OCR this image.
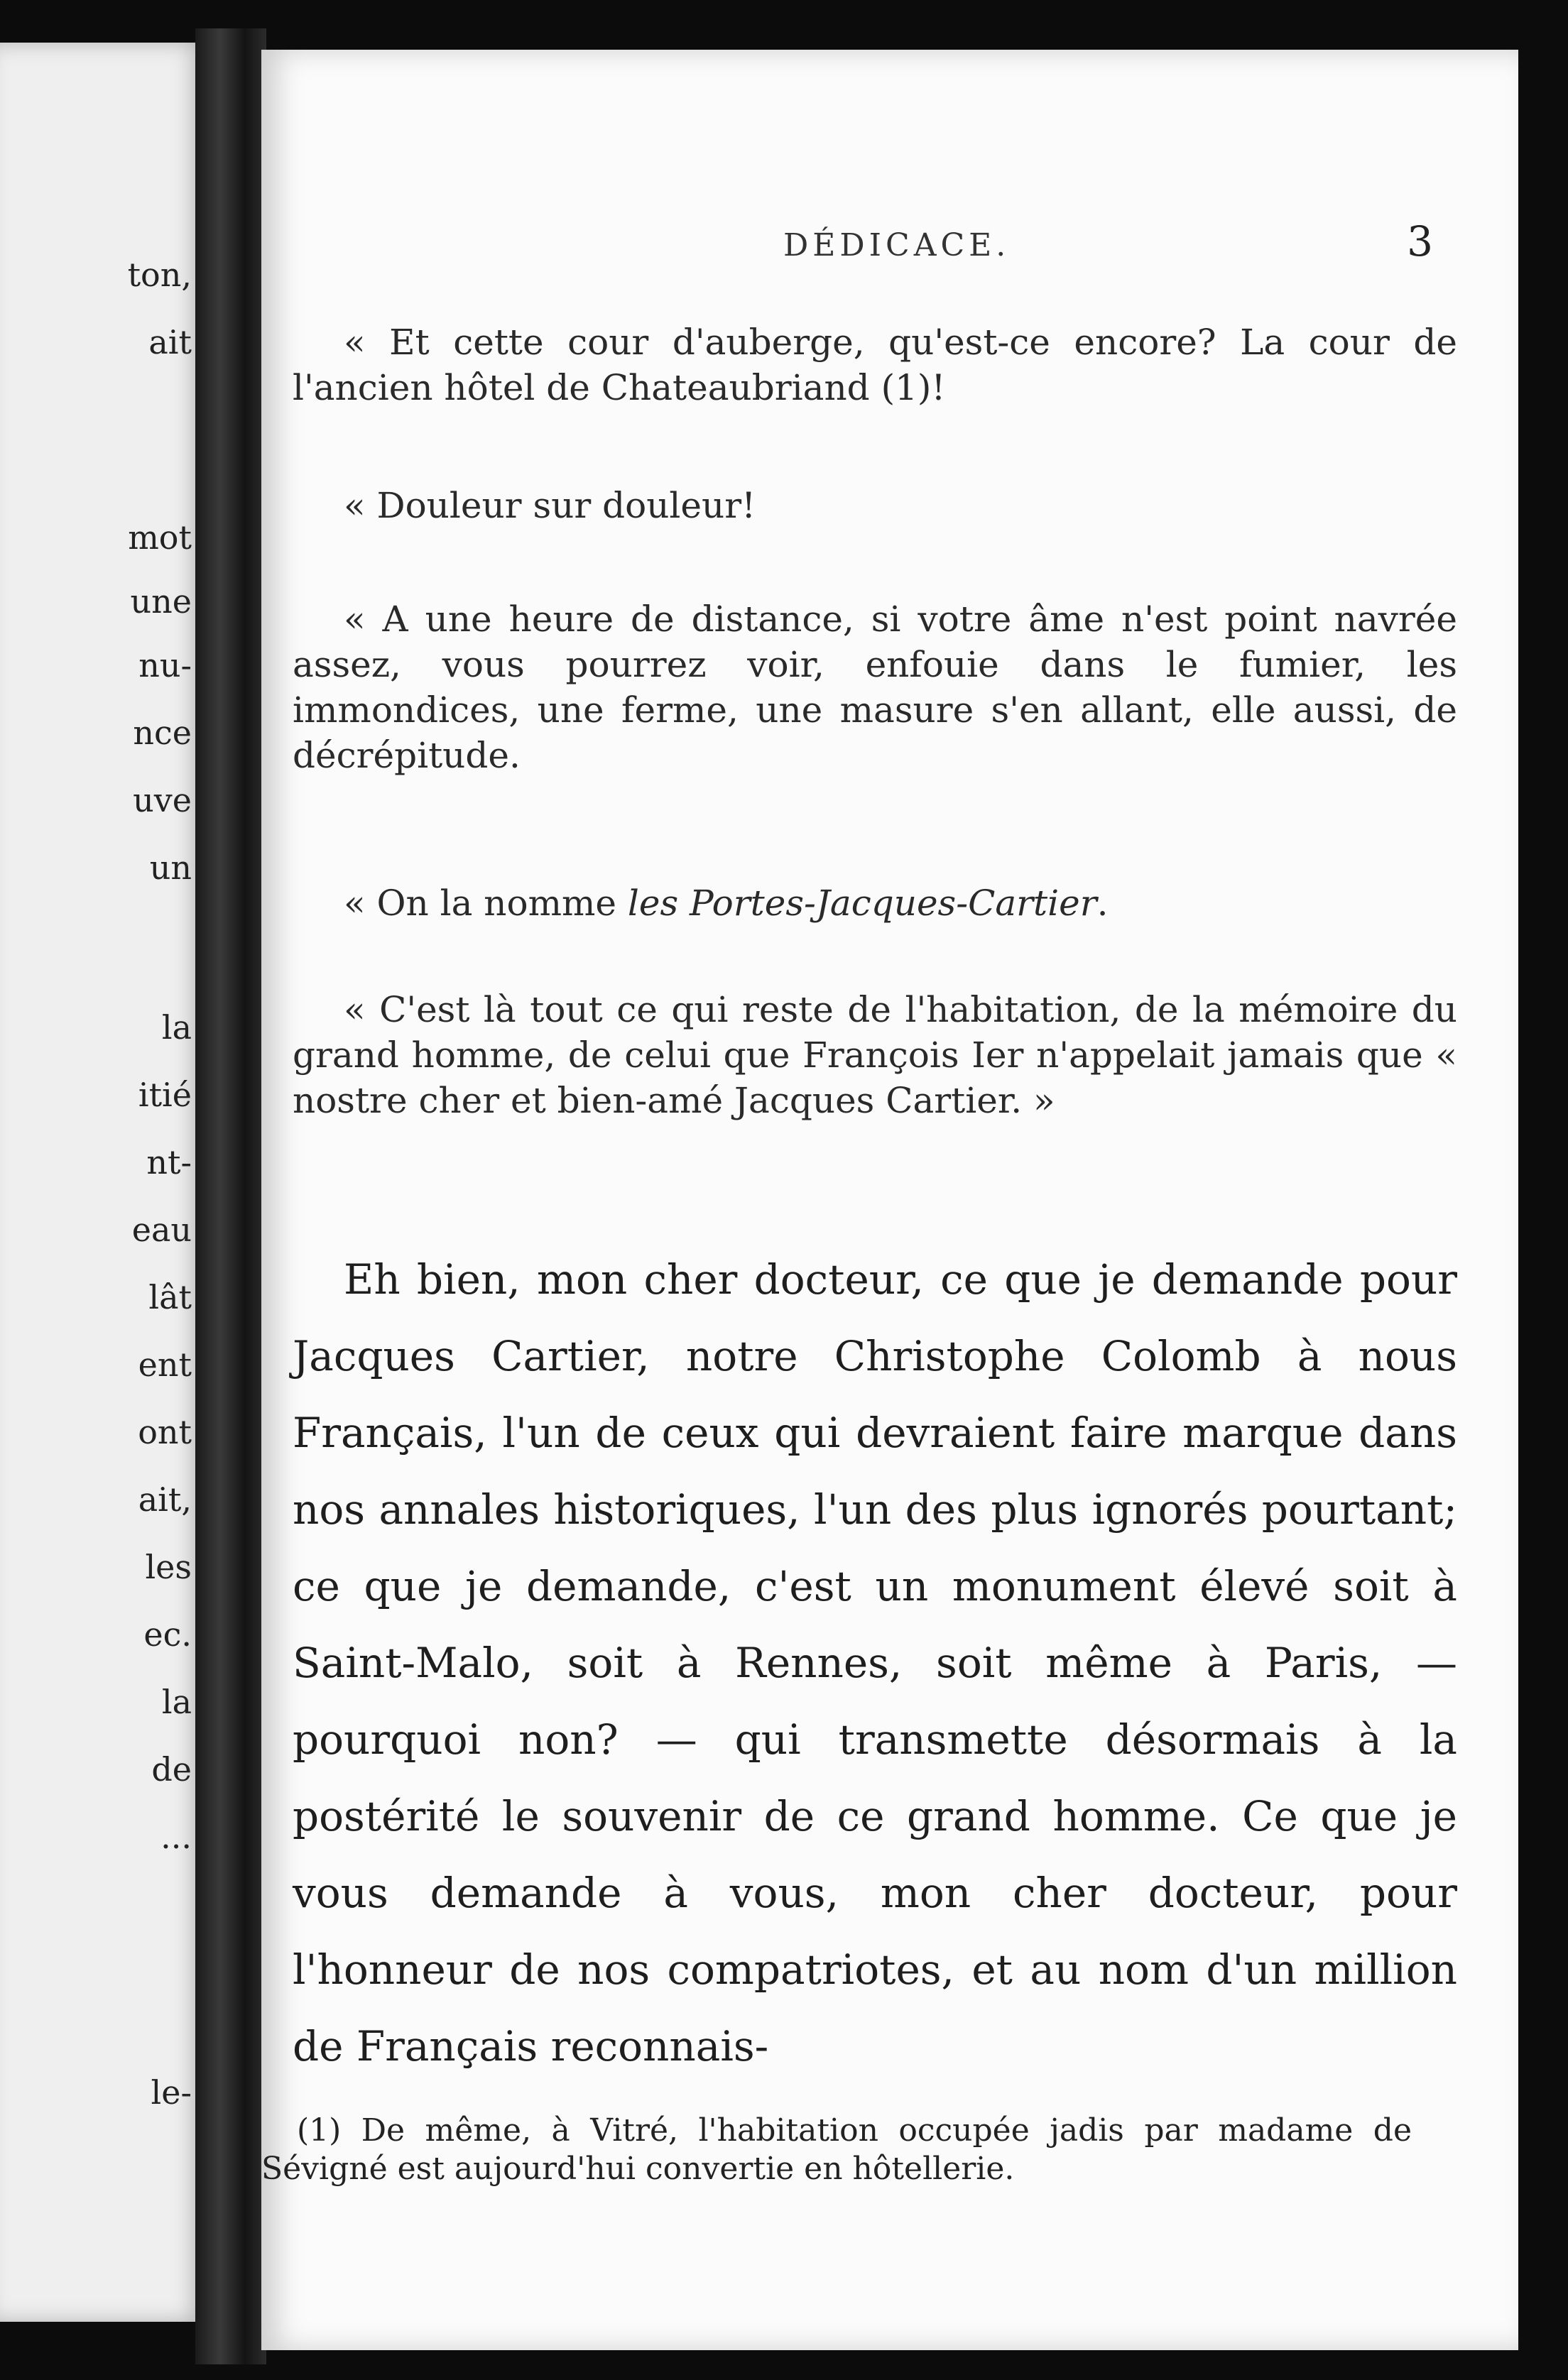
ton,
ait
mot
une
nu-
nce
uve
un
la
itié
nt-
eau
lât
ent
ont
ait,
les
ec.
la
de
...
le-
DÉDICACE.	3

« Et cette cour d'auberge, qu'est-ce encore? La cour de l'ancien hôtel de Chateaubriand (1)!

« Douleur sur douleur!

« A une heure de distance, si votre âme n'est point navrée assez, vous pourrez voir, enfouie dans le fumier, les immondices, une ferme, une masure s'en allant, elle aussi, de décrépitude.

« On la nomme les Portes-Jacques-Cartier.

« C'est là tout ce qui reste de l'habitation, de la mémoire du grand homme, de celui que François Ier n'appelait jamais que « nostre cher et bien-amé Jacques Cartier. »

Eh bien, mon cher docteur, ce que je demande pour Jacques Cartier, notre Christophe Colomb à nous Français, l'un de ceux qui devraient faire marque dans nos annales historiques, l'un des plus ignorés pourtant; ce que je demande, c'est un monument élevé soit à Saint-Malo, soit à Rennes, soit même à Paris, — pourquoi non? — qui transmette désormais à la postérité le souvenir de ce grand homme. Ce que je vous demande à vous, mon cher docteur, pour l'honneur de nos compatriotes, et au nom d'un million de Français reconnais-

(1) De même, à Vitré, l'habitation occupée jadis par madame de Sévigné est aujourd'hui convertie en hôtellerie.
